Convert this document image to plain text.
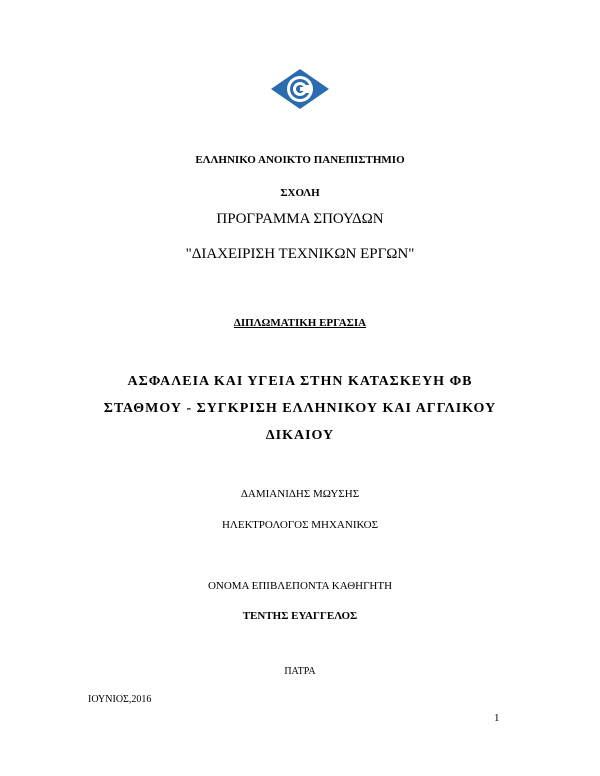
ΕΛΛΗΝΙΚΟ ΑΝΟΙΚΤΟ ΠΑΝΕΠΙΣΤΗΜΙΟ
ΣΧΟΛΗ
ΠΡΟΓΡΑΜΜΑ ΣΠΟΥΔΩΝ
"ΔΙΑΧΕΙΡΙΣΗ ΤΕΧΝΙΚΩΝ ΕΡΓΩΝ"
ΔΙΠΛΩΜΑΤΙΚΗ ΕΡΓΑΣΙΑ
ΑΣΦΑΛΕΙΑ ΚΑΙ ΥΓΕΙΑ ΣΤΗΝ ΚΑΤΑΣΚΕΥΗ ΦΒ
ΣΤΑΘΜΟΥ - ΣΥΓΚΡΙΣΗ ΕΛΛΗΝΙΚΟΥ ΚΑΙ ΑΓΓΛΙΚΟΥ
ΔΙΚΑΙΟΥ
ΔΑΜΙΑΝΙΔΗΣ ΜΩΥΣΗΣ
ΗΛΕΚΤΡΟΛΟΓΟΣ ΜΗΧΑΝΙΚΟΣ
ΟΝΟΜΑ ΕΠΙΒΛΕΠΟΝΤΑ ΚΑΘΗΓΗΤΗ
ΤΕΝΤΗΣ ΕΥΑΓΓΕΛΟΣ
ΠΑΤΡΑ
ΙΟΥΝΙΟΣ,2016
1
